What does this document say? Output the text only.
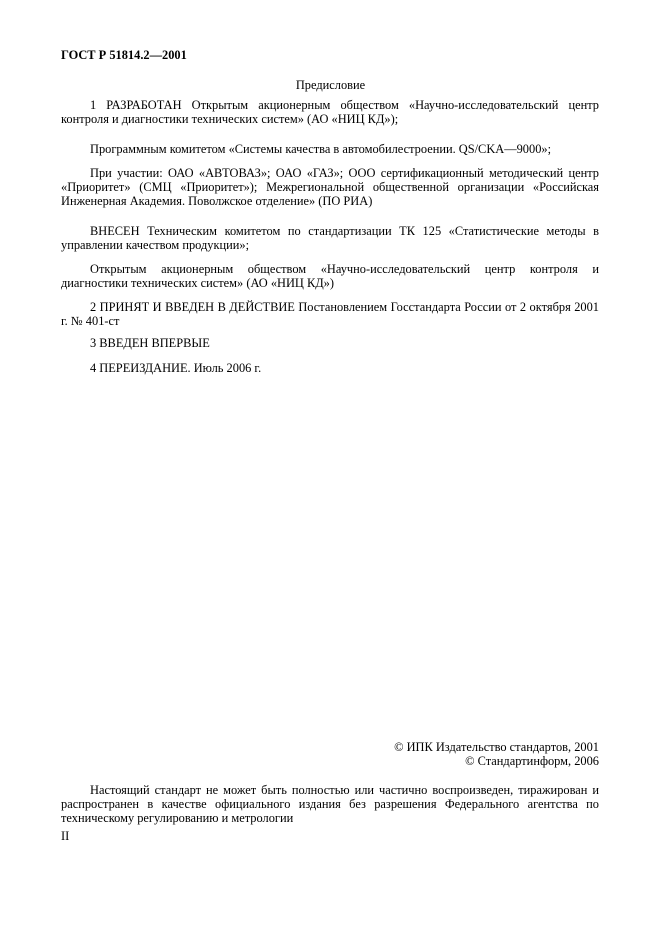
ГОСТ Р 51814.2—2001
Предисловие

1 РАЗРАБОТАН Открытым акционерным обществом «Научно-исследовательский центр контроля и диагностики технических систем» (АО «НИЦ КД»);

Программным комитетом «Системы качества в автомобилестроении. QS/CKA—9000»;

При участии: ОАО «АВТОВАЗ»; ОАО «ГАЗ»; ООО сертификационный методический центр «Приоритет» (СМЦ «Приоритет»); Межрегиональной общественной организации «Российская Инженерная Академия. Поволжское отделение» (ПО РИА)

ВНЕСЕН Техническим комитетом по стандартизации ТК 125 «Статистические методы в управлении качеством продукции»;

Открытым акционерным обществом «Научно-исследовательский центр контроля и диагностики технических систем» (АО «НИЦ КД»)

2 ПРИНЯТ И ВВЕДЕН В ДЕЙСТВИЕ Постановлением Госстандарта России от 2 октября 2001 г. № 401-ст

3 ВВЕДЕН ВПЕРВЫЕ

4 ПЕРЕИЗДАНИЕ. Июль 2006 г.

© ИПК Издательство стандартов, 2001
© Стандартинформ, 2006

Настоящий стандарт не может быть полностью или частично воспроизведен, тиражирован и распространен в качестве официального издания без разрешения Федерального агентства по техническому регулированию и метрологии

II
